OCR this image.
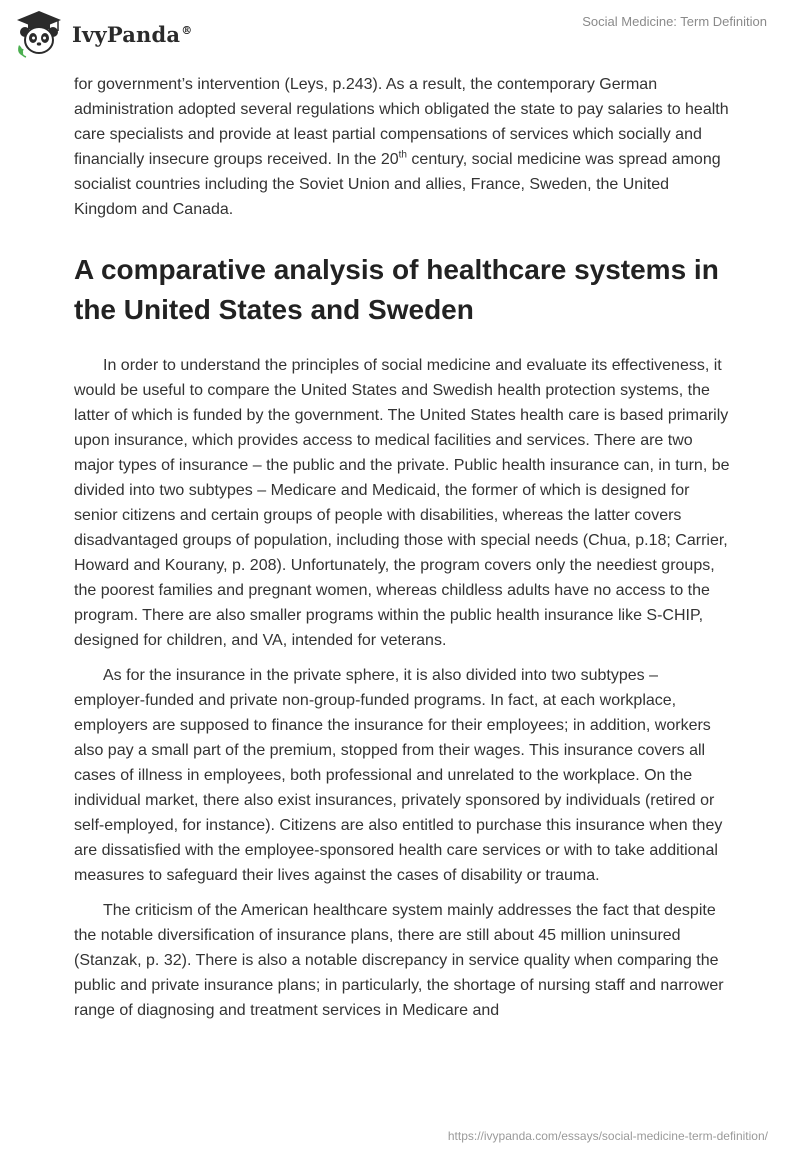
IvyPanda®
Social Medicine: Term Definition

for government’s intervention (Leys, p.243). As a result, the contemporary German administration adopted several regulations which obligated the state to pay salaries to health care specialists and provide at least partial compensations of services which socially and financially insecure groups received. In the 20th century, social medicine was spread among socialist countries including the Soviet Union and allies, France, Sweden, the United Kingdom and Canada.

A comparative analysis of healthcare systems in the United States and Sweden

In order to understand the principles of social medicine and evaluate its effectiveness, it would be useful to compare the United States and Swedish health protection systems, the latter of which is funded by the government. The United States health care is based primarily upon insurance, which provides access to medical facilities and services. There are two major types of insurance – the public and the private. Public health insurance can, in turn, be divided into two subtypes – Medicare and Medicaid, the former of which is designed for senior citizens and certain groups of people with disabilities, whereas the latter covers disadvantaged groups of population, including those with special needs (Chua, p.18; Carrier, Howard and Kourany, p. 208). Unfortunately, the program covers only the neediest groups, the poorest families and pregnant women, whereas childless adults have no access to the program. There are also smaller programs within the public health insurance like S-CHIP, designed for children, and VA, intended for veterans.

As for the insurance in the private sphere, it is also divided into two subtypes – employer-funded and private non-group-funded programs. In fact, at each workplace, employers are supposed to finance the insurance for their employees; in addition, workers also pay a small part of the premium, stopped from their wages. This insurance covers all cases of illness in employees, both professional and unrelated to the workplace. On the individual market, there also exist insurances, privately sponsored by individuals (retired or self-employed, for instance). Citizens are also entitled to purchase this insurance when they are dissatisfied with the employee-sponsored health care services or with to take additional measures to safeguard their lives against the cases of disability or trauma.

The criticism of the American healthcare system mainly addresses the fact that despite the notable diversification of insurance plans, there are still about 45 million uninsured (Stanzak, p. 32). There is also a notable discrepancy in service quality when comparing the public and private insurance plans; in particularly, the shortage of nursing staff and narrower range of diagnosing and treatment services in Medicare and

https://ivypanda.com/essays/social-medicine-term-definition/
